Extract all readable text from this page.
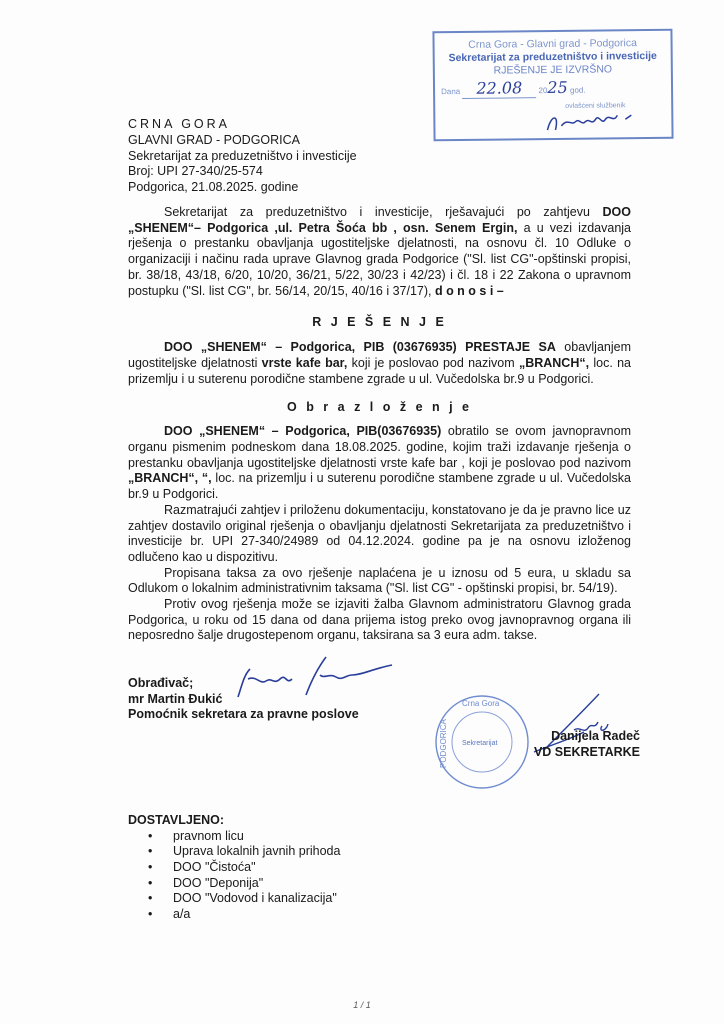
Crna Gora - Glavni grad - Podgorica
Sekretarijat za preduzetništvo i investicije
RJEŠENJE JE IZVRŠNO
Dana 22.08 2025 god.
ovlašćeni službenik
CRNA GORA
GLAVNI GRAD - PODGORICA
Sekretarijat za preduzetništvo i investicije
Broj: UPI 27-340/25-574
Podgorica, 21.08.2025. godine

Sekretarijat za preduzetništvo i investicije, rješavajući po zahtjevu DOO „SHENEM“– Podgorica ,ul. Petra Šoća bb , osn. Senem Ergin, a u vezi izdavanja rješenja o prestanku obavljanja ugostiteljske djelatnosti, na osnovu čl. 10 Odluke o organizaciji i načinu rada uprave Glavnog grada Podgorice ("Sl. list CG"-opštinski propisi, br. 38/18, 43/18, 6/20, 10/20, 36/21, 5/22, 30/23 i 42/23) i čl. 18 i 22 Zakona o upravnom postupku ("Sl. list CG", br. 56/14, 20/15, 40/16 i 37/17), d o n o s i –

R J E Š E N J E

DOO „SHENEM“ – Podgorica, PIB (03676935) PRESTAJE SA obavljanjem ugostiteljske djelatnosti vrste kafe bar, koji je poslovao pod nazivom „BRANCH“, loc. na prizemlju i u suterenu porodične stambene zgrade u ul. Vučedolska br.9 u Podgorici.

O b r a z l o ž e n j e

DOO „SHENEM“ – Podgorica, PIB(03676935) obratilo se ovom javnopravnom organu pismenim podneskom dana 18.08.2025. godine, kojim traži izdavanje rješenja o prestanku obavljanja ugostiteljske djelatnosti vrste kafe bar , koji je poslovao pod nazivom „BRANCH“, “, loc. na prizemlju i u suterenu porodične stambene zgrade u ul. Vučedolska br.9 u Podgorici.

Razmatrajući zahtjev i priloženu dokumentaciju, konstatovano je da je pravno lice uz zahtjev dostavilo original rješenja o obavljanju djelatnosti Sekretarijata za preduzetništvo i investicije br. UPI 27-340/24989 od 04.12.2024. godine pa je na osnovu izloženog odlučeno kao u dispozitivu.

Propisana taksa za ovo rješenje naplaćena je u iznosu od 5 eura, u skladu sa Odlukom o lokalnim administrativnim taksama ("Sl. list CG" - opštinski propisi, br. 54/19).

Protiv ovog rješenja može se izjaviti žalba Glavnom administratoru Glavnog grada Podgorica, u roku od 15 dana od dana prijema istog preko ovog javnopravnog organa ili neposredno šalje drugostepenom organu, taksirana sa 3 eura adm. takse.

Obrađivač;
mr Martin Đukić
Pomoćnik sekretara za pravne poslove
Crna Gora
Sekretarijat
PODGORICA	Danijela Radeč
VD SEKRETARKE
DOSTAVLJENO:
• pravnom licu
• Uprava lokalnih javnih prihoda
• DOO "Čistoća"
• DOO "Deponija"
• DOO "Vodovod i kanalizacija"
• a/a
1 / 1
